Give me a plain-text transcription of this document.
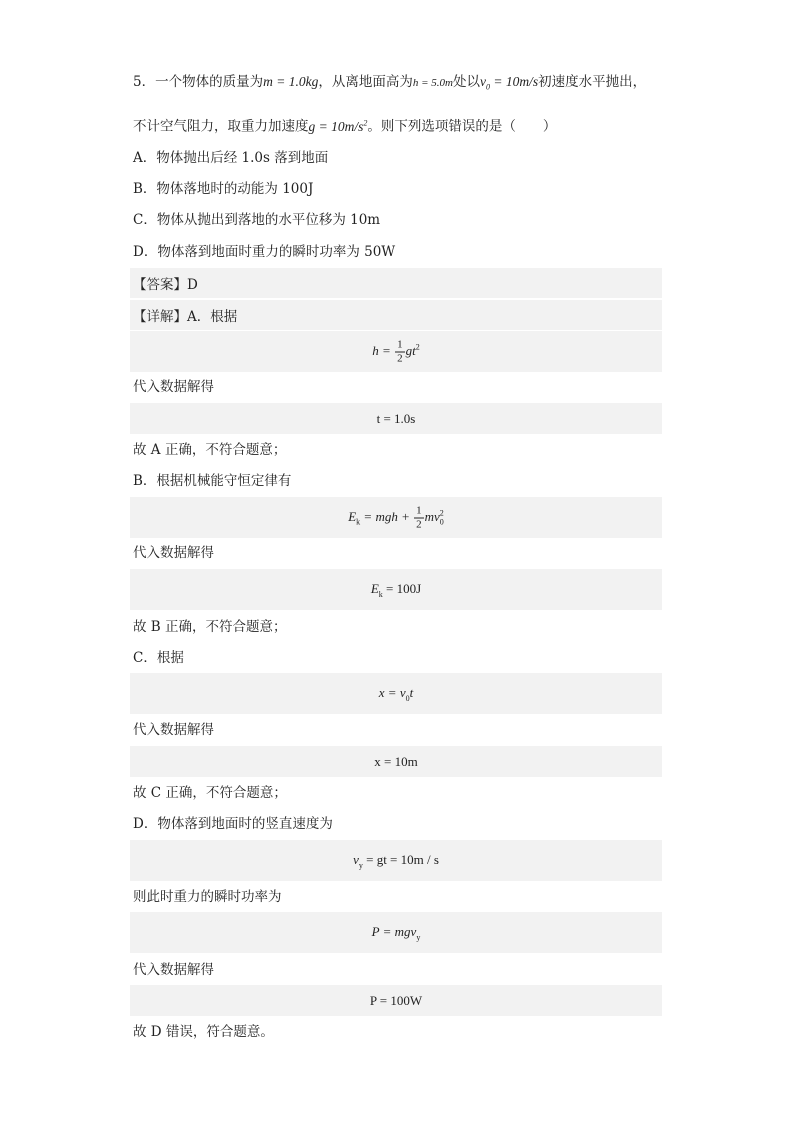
5．一个物体的质量为m = 1.0kg，从离地面高为h = 5.0m处以$v_0 = 10m/s$初速度水平抛出，
不计空气阻力，取重力加速度$g = 10m/s^2$。则下列选项错误的是（　　）
A．物体抛出后经 1.0s 落到地面
B．物体落地时的动能为 100J
C．物体从抛出到落地的水平位移为 10m
D．物体落到地面时重力的瞬时功率为 50W
【答案】D
【详解】A．根据
$h = \frac{1}{2} gt^2$
代入数据解得
t = 1.0s
故 A 正确，不符合题意；
B．根据机械能守恒定律有
$E_k$ = mgh + $\frac{1}{2} mv^2_0$
代入数据解得
$E_k = 100J$
故 B 正确，不符合题意；
C．根据
$x = v_0t$
代入数据解得
x = 10m
故 C 正确，不符合题意；
D．物体落到地面时的竖直速度为
$v_y$ = gt = 10m / s
则此时重力的瞬时功率为
P = mgv$_y$
代入数据解得
P = 100W
故 D 错误，符合题意。
